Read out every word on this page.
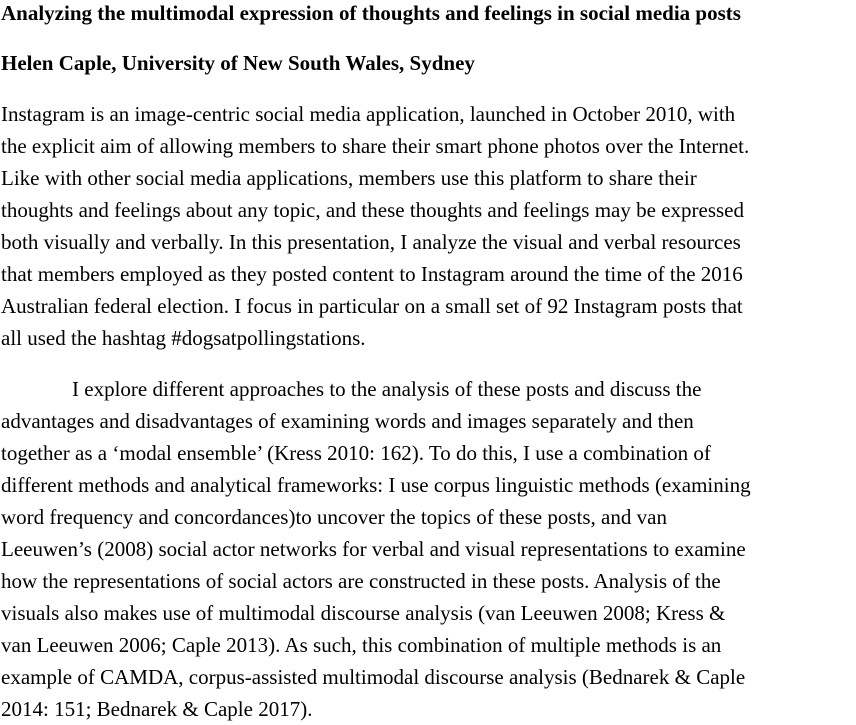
Analyzing the multimodal expression of thoughts and feelings in social media posts
Helen Caple, University of New South Wales, Sydney
Instagram is an image-centric social media application, launched in October 2010, with
the explicit aim of allowing members to share their smart phone photos over the Internet.
Like with other social media applications, members use this platform to share their
thoughts and feelings about any topic, and these thoughts and feelings may be expressed
both visually and verbally. In this presentation, I analyze the visual and verbal resources
that members employed as they posted content to Instagram around the time of the 2016
Australian federal election. I focus in particular on a small set of 92 Instagram posts that
all used the hashtag #dogsatpollingstations.
I explore different approaches to the analysis of these posts and discuss the
advantages and disadvantages of examining words and images separately and then
together as a ‘modal ensemble’ (Kress 2010: 162). To do this, I use a combination of
different methods and analytical frameworks: I use corpus linguistic methods (examining
word frequency and concordances)to uncover the topics of these posts, and van
Leeuwen’s (2008) social actor networks for verbal and visual representations to examine
how the representations of social actors are constructed in these posts. Analysis of the
visuals also makes use of multimodal discourse analysis (van Leeuwen 2008; Kress &
van Leeuwen 2006; Caple 2013). As such, this combination of multiple methods is an
example of CAMDA, corpus-assisted multimodal discourse analysis (Bednarek & Caple
2014: 151; Bednarek & Caple 2017).
